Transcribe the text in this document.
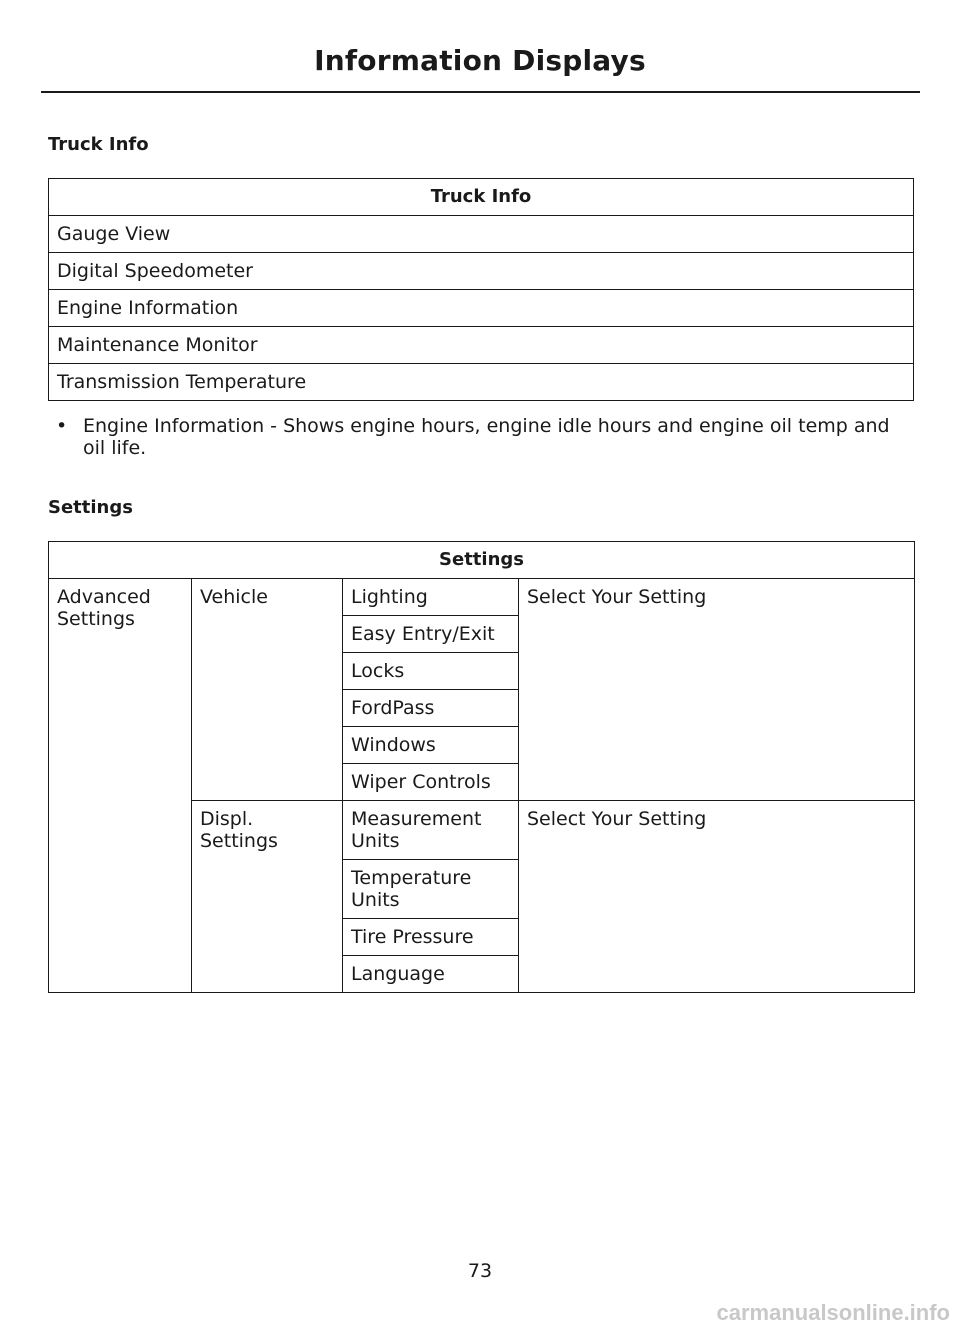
Information Displays
Truck Info
Truck Info
Gauge View
Digital Speedometer
Engine Information
Maintenance Monitor
Transmission Temperature
• Engine Information - Shows engine hours, engine idle hours and engine oil temp and oil life.
Settings
Settings			
Advanced Settings	Vehicle	Lighting	Select Your Setting
		Easy Entry/Exit	
		Locks	
		FordPass	
		Windows	
		Wiper Controls	
	Displ. Settings	Measurement Units	Select Your Setting
		Temperature Units	
		Tire Pressure	
		Language	
73
carmanualsonline.info
